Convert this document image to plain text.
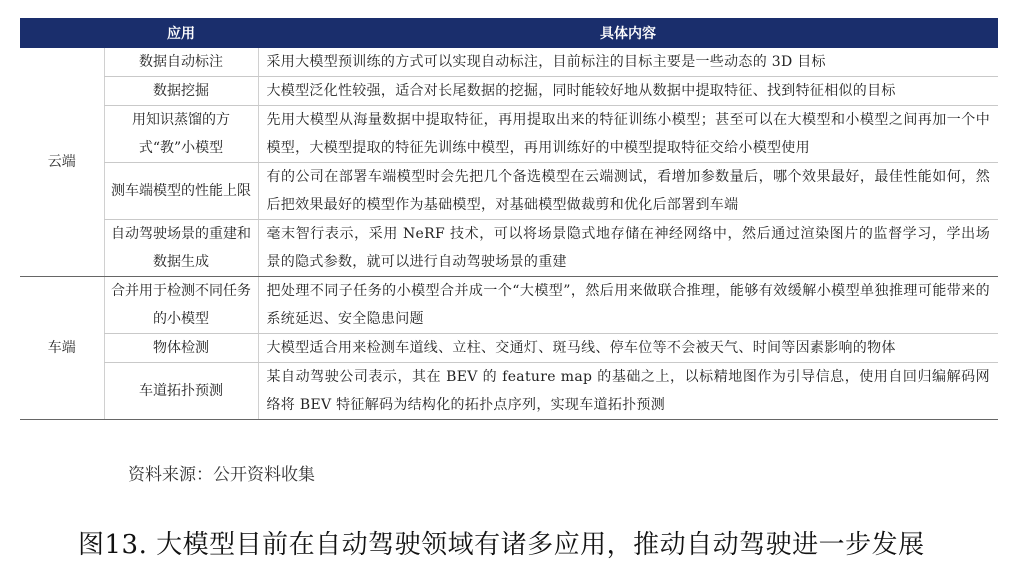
	应用	具体内容
云端	数据自动标注	采用大模型预训练的方式可以实现自动标注，目前标注的目标主要是一些动态的 3D 目标
	数据挖掘	大模型泛化性较强，适合对长尾数据的挖掘，同时能较好地从数据中提取特征、找到特征相似的目标
	用知识蒸馏的方式“教”小模型	先用大模型从海量数据中提取特征，再用提取出来的特征训练小模型；甚至可以在大模型和小模型之间再加一个中模型，大模型提取的特征先训练中模型，再用训练好的中模型提取特征交给小模型使用
	测车端模型的性能上限	有的公司在部署车端模型时会先把几个备选模型在云端测试，看增加参数量后，哪个效果最好，最佳性能如何，然后把效果最好的模型作为基础模型，对基础模型做裁剪和优化后部署到车端
	自动驾驶场景的重建和数据生成	毫末智行表示，采用 NeRF 技术，可以将场景隐式地存储在神经网络中，然后通过渲染图片的监督学习，学出场景的隐式参数，就可以进行自动驾驶场景的重建
车端	合并用于检测不同任务的小模型	把处理不同子任务的小模型合并成一个“大模型”，然后用来做联合推理，能够有效缓解小模型单独推理可能带来的系统延迟、安全隐患问题
	物体检测	大模型适合用来检测车道线、立柱、交通灯、斑马线、停车位等不会被天气、时间等因素影响的物体
	车道拓扑预测	某自动驾驶公司表示，其在 BEV 的 feature map 的基础之上，以标精地图作为引导信息，使用自回归编解码网络将 BEV 特征解码为结构化的拓扑点序列，实现车道拓扑预测
资料来源：公开资料收集
图13. 大模型目前在自动驾驶领域有诸多应用，推动自动驾驶进一步发展
